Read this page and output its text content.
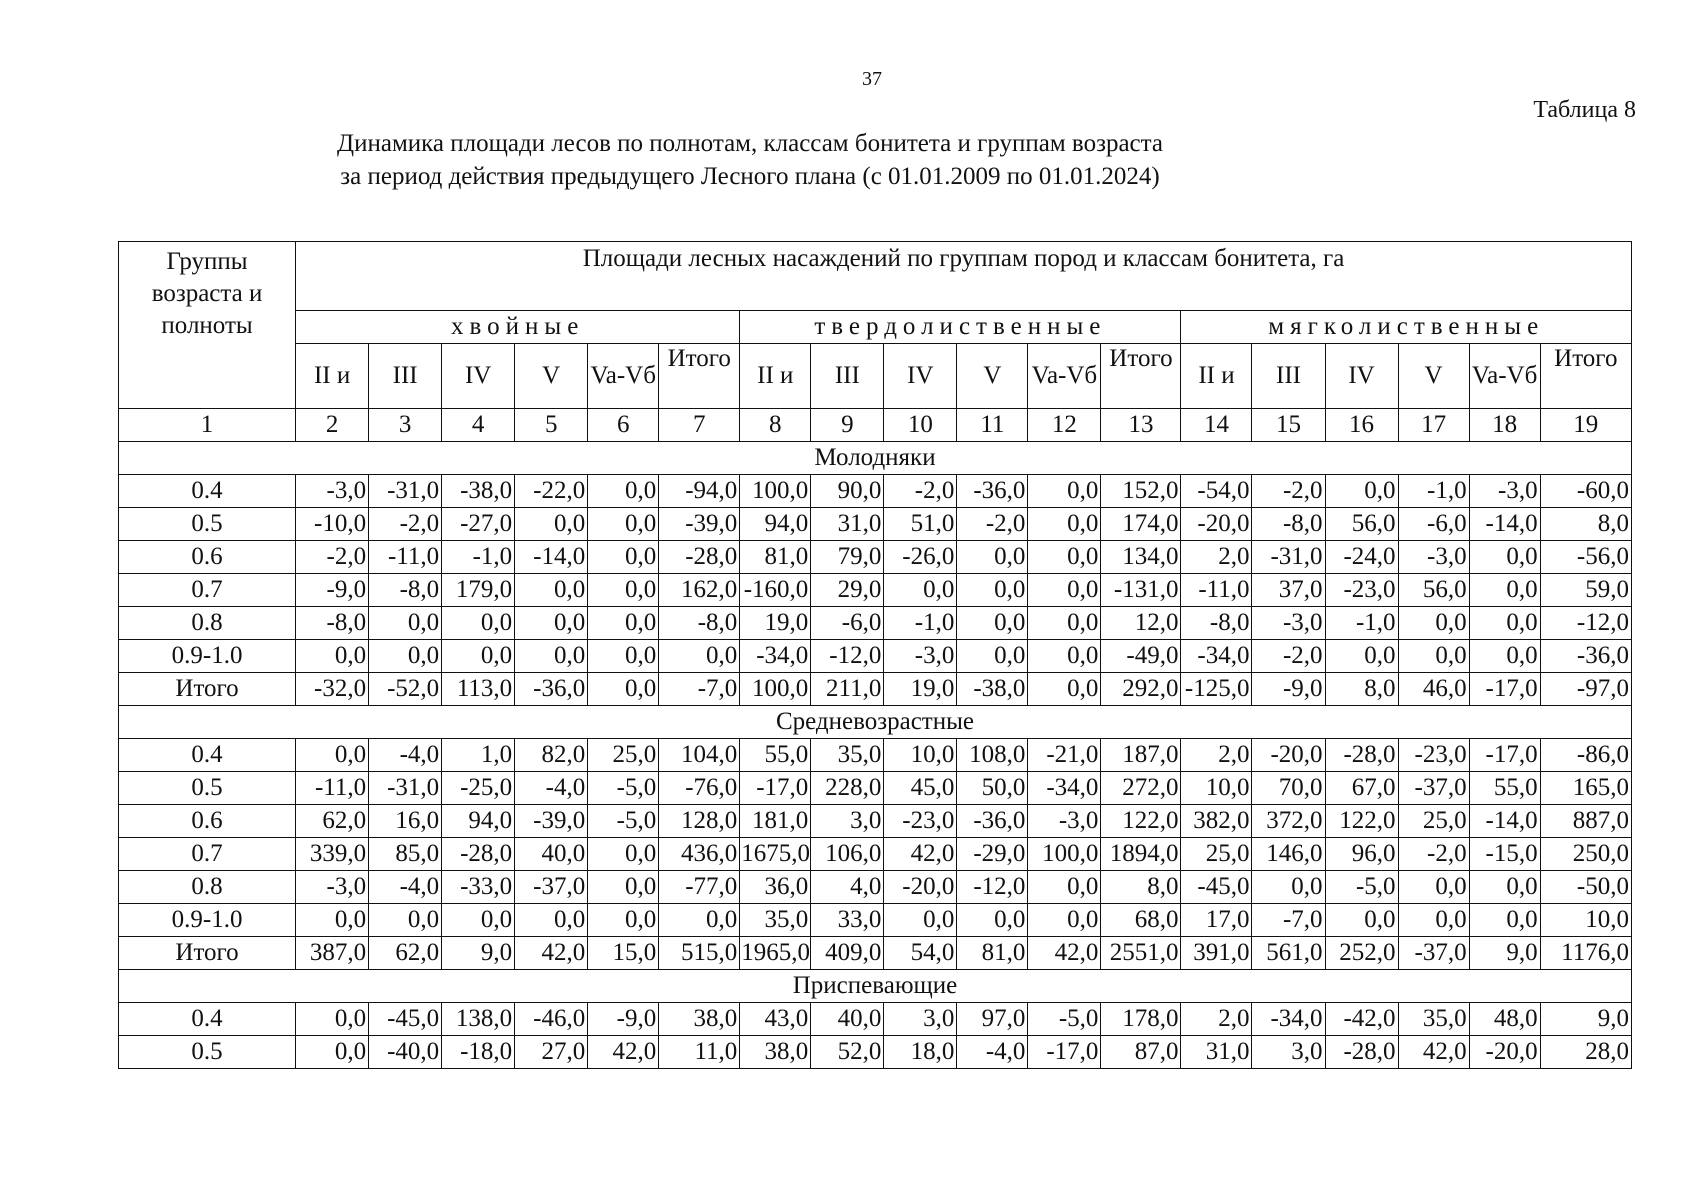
37
Таблица 8
Динамика площади лесов по полнотам, классам бонитета и группам возраста
за период действия предыдущего Лесного плана (с 01.01.2009 по 01.01.2024)
Группы возраста и полноты	Площади лесных насаждений по группам пород и классам бонитета, га																	
	хвойные						твердолиственные						мягколиственные					
	II и	III	IV	V	Va-Vб	Итого	II и	III	IV	V	Va-Vб	Итого	II и	III	IV	V	Va-Vб	Итого
1	2	3	4	5	6	7	8	9	10	11	12	13	14	15	16	17	18	19
Молодняки																		
0.4	-3,0	-31,0	-38,0	-22,0	0,0	-94,0	100,0	90,0	-2,0	-36,0	0,0	152,0	-54,0	-2,0	0,0	-1,0	-3,0	-60,0
0.5	-10,0	-2,0	-27,0	0,0	0,0	-39,0	94,0	31,0	51,0	-2,0	0,0	174,0	-20,0	-8,0	56,0	-6,0	-14,0	8,0
0.6	-2,0	-11,0	-1,0	-14,0	0,0	-28,0	81,0	79,0	-26,0	0,0	0,0	134,0	2,0	-31,0	-24,0	-3,0	0,0	-56,0
0.7	-9,0	-8,0	179,0	0,0	0,0	162,0	-160,0	29,0	0,0	0,0	0,0	-131,0	-11,0	37,0	-23,0	56,0	0,0	59,0
0.8	-8,0	0,0	0,0	0,0	0,0	-8,0	19,0	-6,0	-1,0	0,0	0,0	12,0	-8,0	-3,0	-1,0	0,0	0,0	-12,0
0.9-1.0	0,0	0,0	0,0	0,0	0,0	0,0	-34,0	-12,0	-3,0	0,0	0,0	-49,0	-34,0	-2,0	0,0	0,0	0,0	-36,0
Итого	-32,0	-52,0	113,0	-36,0	0,0	-7,0	100,0	211,0	19,0	-38,0	0,0	292,0	-125,0	-9,0	8,0	46,0	-17,0	-97,0
Средневозрастные																		
0.4	0,0	-4,0	1,0	82,0	25,0	104,0	55,0	35,0	10,0	108,0	-21,0	187,0	2,0	-20,0	-28,0	-23,0	-17,0	-86,0
0.5	-11,0	-31,0	-25,0	-4,0	-5,0	-76,0	-17,0	228,0	45,0	50,0	-34,0	272,0	10,0	70,0	67,0	-37,0	55,0	165,0
0.6	62,0	16,0	94,0	-39,0	-5,0	128,0	181,0	3,0	-23,0	-36,0	-3,0	122,0	382,0	372,0	122,0	25,0	-14,0	887,0
0.7	339,0	85,0	-28,0	40,0	0,0	436,0	1675,0	106,0	42,0	-29,0	100,0	1894,0	25,0	146,0	96,0	-2,0	-15,0	250,0
0.8	-3,0	-4,0	-33,0	-37,0	0,0	-77,0	36,0	4,0	-20,0	-12,0	0,0	8,0	-45,0	0,0	-5,0	0,0	0,0	-50,0
0.9-1.0	0,0	0,0	0,0	0,0	0,0	0,0	35,0	33,0	0,0	0,0	0,0	68,0	17,0	-7,0	0,0	0,0	0,0	10,0
Итого	387,0	62,0	9,0	42,0	15,0	515,0	1965,0	409,0	54,0	81,0	42,0	2551,0	391,0	561,0	252,0	-37,0	9,0	1176,0
Приспевающие																		
0.4	0,0	-45,0	138,0	-46,0	-9,0	38,0	43,0	40,0	3,0	97,0	-5,0	178,0	2,0	-34,0	-42,0	35,0	48,0	9,0
0.5	0,0	-40,0	-18,0	27,0	42,0	11,0	38,0	52,0	18,0	-4,0	-17,0	87,0	31,0	3,0	-28,0	42,0	-20,0	28,0
